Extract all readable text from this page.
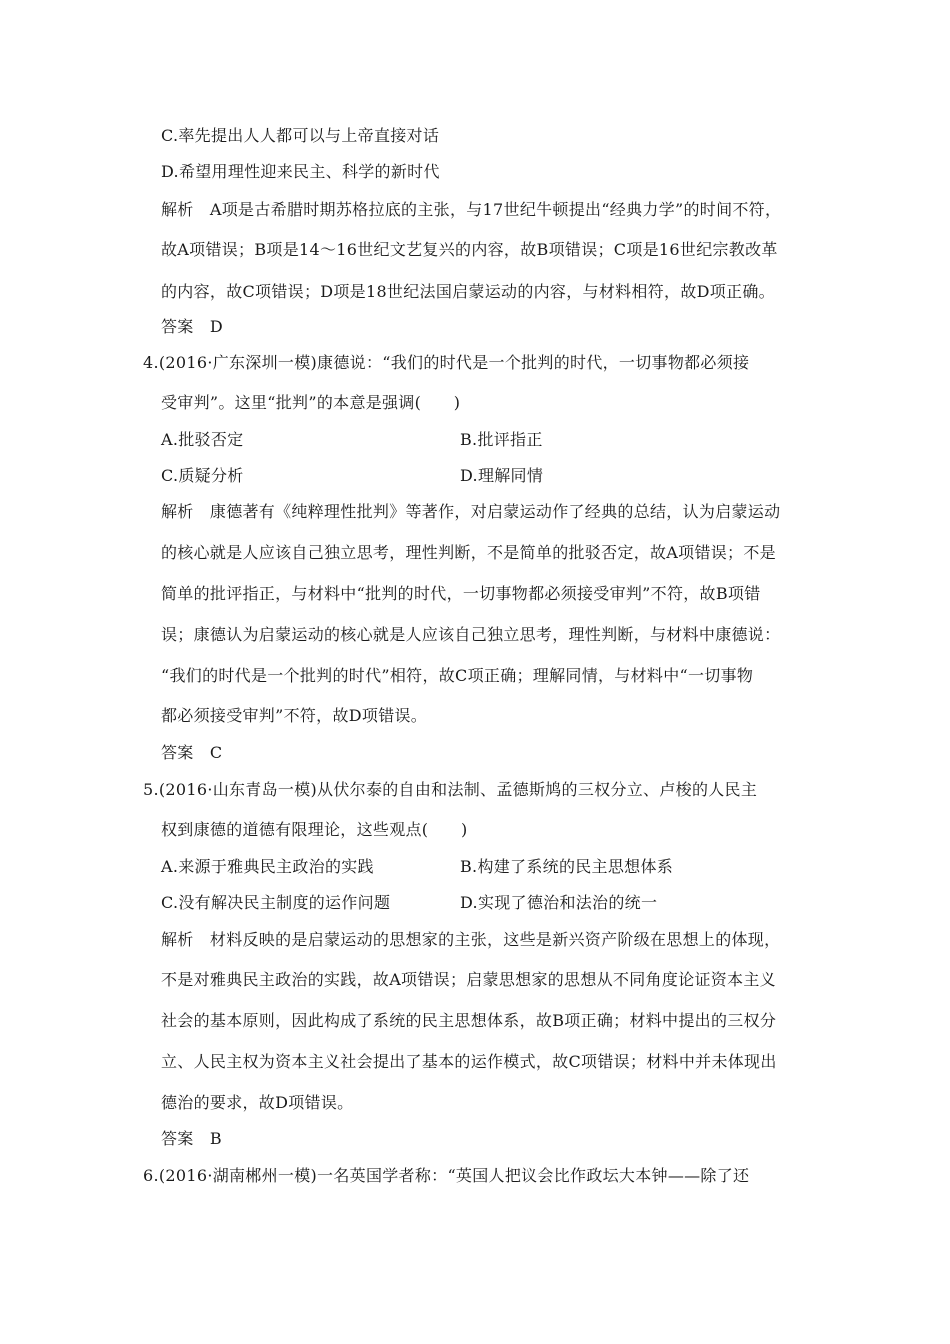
C.率先提出人人都可以与上帝直接对话
D.希望用理性迎来民主、科学的新时代
解析　A项是古希腊时期苏格拉底的主张，与17世纪牛顿提出“经典力学”的时间不符，
故A项错误；B项是14～16世纪文艺复兴的内容，故B项错误；C项是16世纪宗教改革
的内容，故C项错误；D项是18世纪法国启蒙运动的内容，与材料相符，故D项正确。
答案　D
4.(2016·广东深圳一模)康德说：“我们的时代是一个批判的时代，一切事物都必须接
受审判”。这里“批判”的本意是强调(　　)
A.批驳否定	B.批评指正
C.质疑分析	D.理解同情
解析　康德著有《纯粹理性批判》等著作，对启蒙运动作了经典的总结，认为启蒙运动
的核心就是人应该自己独立思考，理性判断，不是简单的批驳否定，故A项错误；不是
简单的批评指正，与材料中“批判的时代，一切事物都必须接受审判”不符，故B项错
误；康德认为启蒙运动的核心就是人应该自己独立思考，理性判断，与材料中康德说：
“我们的时代是一个批判的时代”相符，故C项正确；理解同情，与材料中“一切事物
都必须接受审判”不符，故D项错误。
答案　C
5.(2016·山东青岛一模)从伏尔泰的自由和法制、孟德斯鸠的三权分立、卢梭的人民主
权到康德的道德有限理论，这些观点(　　)
A.来源于雅典民主政治的实践	B.构建了系统的民主思想体系
C.没有解决民主制度的运作问题	D.实现了德治和法治的统一
解析　材料反映的是启蒙运动的思想家的主张，这些是新兴资产阶级在思想上的体现，
不是对雅典民主政治的实践，故A项错误；启蒙思想家的思想从不同角度论证资本主义
社会的基本原则，因此构成了系统的民主思想体系，故B项正确；材料中提出的三权分
立、人民主权为资本主义社会提出了基本的运作模式，故C项错误；材料中并未体现出
德治的要求，故D项错误。
答案　B
6.(2016·湖南郴州一模)一名英国学者称：“英国人把议会比作政坛大本钟——除了还
